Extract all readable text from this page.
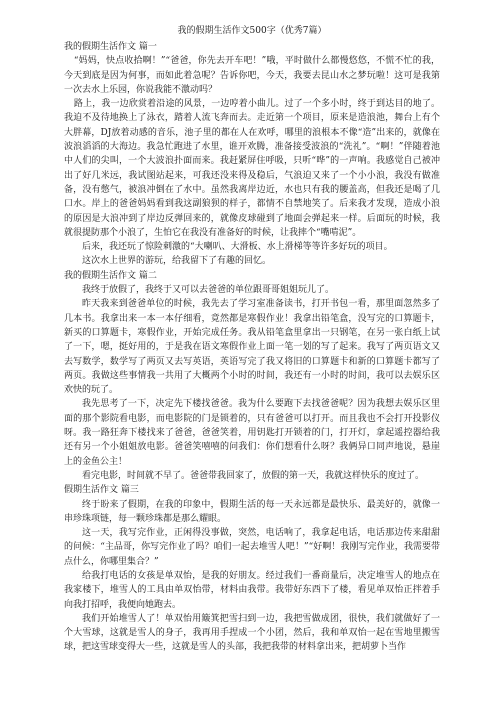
我的假期生活作文500字（优秀7篇）

我的假期生活作文 篇一

“妈妈，快点收拾啊！”“爸爸，你先去开车吧！”哦，平时做什么都慢悠悠，不慌不忙的我，今天到底是因为何事，而如此着急呢？告诉你吧，今天，我要去昆山水之梦玩啦！这可是我第一次去水上乐园，你说我能不激动吗？

路上，我一边欣赏着沿途的风景，一边哼着小曲儿。过了一个多小时，终于到达目的地了。我迫不及待地换上了泳衣，踏着人流飞奔而去。走近第一个项目，原来是造浪池，舞台上有个大胖幕，DJ放着动感的音乐，池子里的都在人在欢呼，哪里的浪根本不像“造”出来的，就像在波浪滔滔的大海边。我急忙跑进了水里，谁开欢腾，准备接受波浪的“洗礼”。“啊！”伴随着池中人们的尖叫，一个大波浪扑面而来。我赶紧屏住呼吸，只听“哗”的一声响。我感觉自己被冲出了好几米远，我试图站起来，可我还没来得及稳后，气浪迫又来了一个小小浪，我没有做准备，没有憋气，被浪冲倒在了水中。虽然我离岸边近，水也只有我的腰盖高，但我还是喝了几口水。岸上的爸爸妈妈看到我这副狼狈的样子，都情不自禁地笑了。后来我才发现，造成小浪的原因是大浪冲到了岸边反弹回来的，就像皮球碰到了地面会弹起来一样。后面玩的时候，我就很提防那个小浪了，生怕它在我没有准备好的时候，让我摔个“嘴啃泥”。

后来，我还玩了惊险刺激的“大喇叭、大滑板、水上滑梯等等许多好玩的项目。

这次水上世界的游玩，给我留下了有趣的回忆。

我的假期生活作文 篇二

我终于放假了，我终于又可以去爸爸的单位跟哥哥姐姐玩儿了。

昨天我来到爸爸单位的时候，我先去了学习室准备读书，打开书包一看，那里面忽然多了几本书。我拿出来一本一本仔细看，竟然都是寒假作业！我拿出铅笔盒，没写完的口算题卡，新买的口算题卡，寒假作业，开始完成任务。我从铅笔盒里拿出一只钢笔，在另一张白纸上试了一下，嗯，挺好用的，于是我在语文寒假作业上面一笔一划的写了起来。我写了两页语文又去写数学，数学写了两页又去写英语，英语写完了我又将旧的口算题卡和新的口算题卡都写了两页。我做这些事情我一共用了大概两个小时的时间，我还有一小时的时间，我可以去娱乐区欢快的玩了。

我先思考了一下，决定先下楼找爸爸。我为什么要跑下去找爸爸呢？因为我想去娱乐区里面的那个影院看电影，而电影院的门是锁着的，只有爸爸可以打开。而且我也不会打开投影仪呀。我一路狂奔下楼找来了爸爸，爸爸笑着，用钥匙打开锁着的门，打开灯，拿起遥控器给我还有另一个小姐姐放电影。爸爸笑嘻嘻的问我们：你们想看什么呀？我俩异口同声地说，悬崖上的金鱼公主！

看完电影，时间就不早了。爸爸带我回家了，放假的第一天，我就这样快乐的度过了。

假期生活作文 篇三

终于盼来了假期，在我的印象中，假期生活的每一天永远都是最快乐、最美好的，就像一串珍珠项链，每一颗珍珠都是那么耀眼。

这一天，我写完作业，正闲得没事做，突然，电话响了，我拿起电话，电话那边传来甜甜的问候：“主品哥，你写完作业了吗？咱们一起去堆雪人吧！”“好啊！我刚写完作业，我需要带点什么，你哪里集合？”

给我打电话的女孩是单双怡，是我的好朋友。经过我们一番商量后，决定堆雪人的地点在我家楼下，堆雪人的工具由单双怡带，材料由我带。我带好东西下了楼，看见单双怡正拌着手向我打招呼，我便向她跑去。

我们开始堆雪人了！单双怡用簸箕把雪扫到一边，我把雪做成团，很快，我们就做好了一个大雪球，这就是雪人的身子，我再用手捏成一个小团，然后，我和单双怡一起在雪地里搬雪球，把这雪球变得大一些，这就是雪人的头部，我把我带的材料拿出来，把胡萝卜当作
